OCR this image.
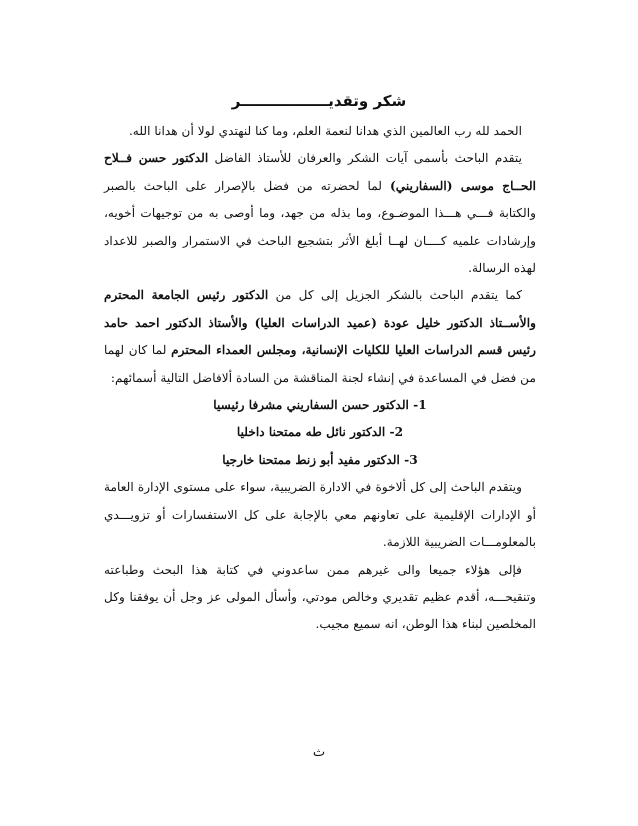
شكر وتقديـــــــــــــــــر

الحمد لله رب العالمين الذي هدانا لنعمة العلم، وما كنا لنهتدي لولا أن هدانا الله.

يتقدم الباحث بأسمى آيات الشكر والعرفان للأستاذ الفاضل الدكتور حسن فــلاح الحــاج موسى (السفاريني) لما لحضرته من فضل بالإصرار على الباحث بالصبر والكتابة فـــي هـــذا الموضـوع، وما بذله من جهد، وما أوصى به من توجيهات أخويه، وإرشادات علميه كــــان لهــا أبلغ الأثر بتشجيع الباحث في الاستمرار والصبر للاعداد لهذه الرسالة.

كما يتقدم الباحث بالشكر الجزيل إلى كل من الدكتور رئيس الجامعة المحترم والأســتاذ الدكتور خليل عودة (عميد الدراسات العليا) والأستاذ الدكتور احمد حامد رئيس قسم الدراسات العليا للكليات الإنسانية، ومجلس العمداء المحترم لما كان لهما من فضل في المساعدة في إنشاء لجنة المناقشة من السادة ألافاضل التالية أسمائهم:

1- الدكتور حسن السفاريني مشرفا رئيسيا
2- الدكتور نائل طه ممتحنا داخليا
3- الدكتور مفيد أبو زنط ممتحنا خارجيا

ويتقدم الباحث إلى كل ألاخوة في الادارة الضريبية، سواء على مستوى الإدارة العامة أو الإدارات الإقليمية على تعاونهم معي بالإجابة على كل الاستفسارات أو تزويـــدي بالمعلومـــات الضريبية اللازمة.

فإلى هؤلاء جميعا والى غيرهم ممن ساعدوني في كتابة هذا البحث وطباعته وتنقيحـــه، أقدم عظيم تقديري وخالص مودتي، وأسأل المولى عز وجل أن يوفقنا وكل المخلصين لبناء هذا الوطن، انه سميع مجيب.

ث
